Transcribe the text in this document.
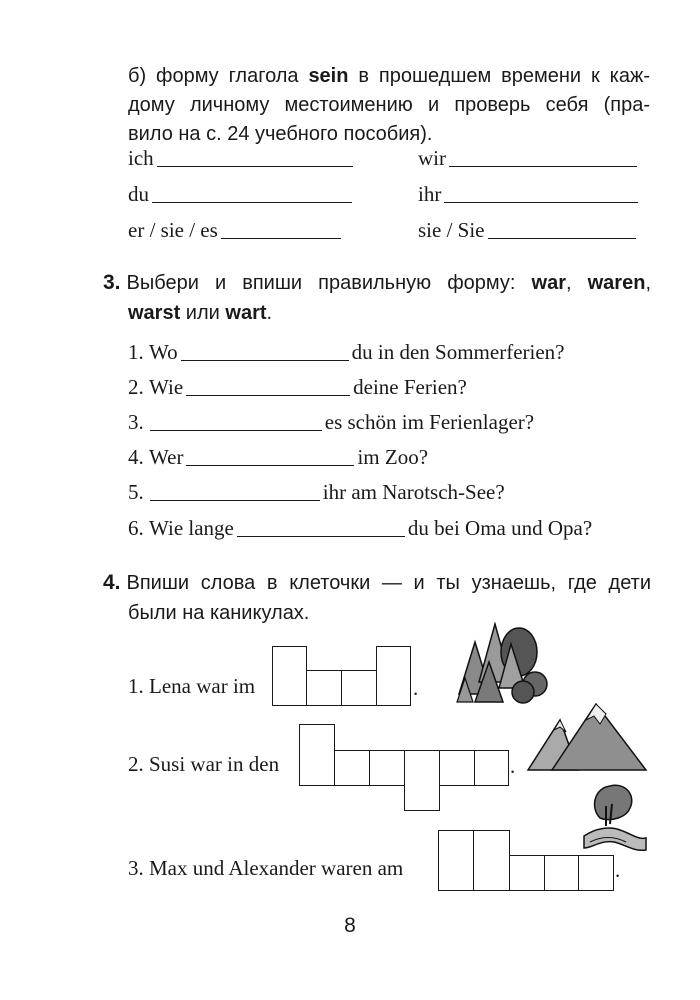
б) форму глагола sein в прошедшем времени к каж-
дому личному местоимению и проверь себя (пра-
вило на с. 24 учебного пособия).
ich	wir
du	ihr
er / sie / es	sie / Sie
3. Выбери и впиши правильную форму: war, waren,
warst или wart.
1.
Wo	du in den Sommerferien?
2.
Wie	deine Ferien?
3.	es schön im Ferienlager?
4.
Wer	im Zoo?
5.	ihr am Narotsch-See?
6.
Wie lange	du bei Oma und Opa?
4. Впиши слова в клеточки — и ты узнаешь, где дети
были на каникулах.
1. Lena war im	.
2. Susi war in den	.
3. Max und Alexander waren am	.
8
